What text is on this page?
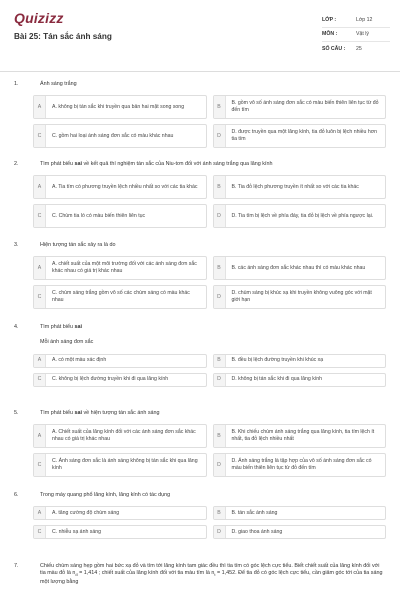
Quizizz
Bài 25: Tán sắc ánh sáng
LỚP :	Lớp 12
MÔN :	Vật lý
SỐ CÂU :	25
1.	Ánh sáng trắng
A	A. không bị tán sắc khi truyền qua bản hai mặt song song	B
B. gồm vô số ánh sáng đơn sắc có màu biến thiên liên tục từ đỏ đến tím
C	C. gồm hai loại ánh sáng đơn sắc có màu khác nhau	D
D. được truyền qua một lăng kính, tia đỏ luôn bị lệch nhiều hơn tia tím
2.	Tìm phát biểu sai về kết quả thí nghiệm tán sắc của Niu-tơn đối với ánh sáng trắng qua lăng kính
A	A. Tia tím có phương truyền lệch nhiều nhất so với các tia khác	B	B. Tia đỏ lệch phương truyền ít nhất so với các tia khác
C	C. Chùm tia ló có màu biến thiên liên tục	D	D. Tia tím bị lệch về phía đáy, tia đỏ bị lệch về phía ngược lại.
3.	Hiện tượng tán sắc xảy ra là do
A
A. chiết suất của một môi trường đối với các ánh sáng đơn sắc khác nhau có giá trị khác nhau	B	B. các ánh sáng đơn sắc khác nhau thì có màu khác nhau
C
C. chùm sáng trắng gồm vô số các chùm sáng có màu khác nhau	D
D. chùm sáng bị khúc xạ khi truyền không vuông góc với mặt giới hạn
4.	Tìm phát biểu sai
Mỗi ánh sáng đơn sắc
A	A. có một màu xác định	B	B. đều bị lệch đường truyền khi khúc xạ
C	C. không bị lệch đường truyền khi đi qua lăng kính	D	D. không bị tán sắc khi đi qua lăng kính
5.	Tìm phát biểu sai về hiện tượng tán sắc ánh sáng
A
A. Chiết suất của lăng kính đối với các ánh sáng đơn sắc khác nhau có giá trị khác nhau	B
B. Khi chiếu chùm ánh sáng trắng qua lăng kính, tia tím lệch ít nhất, tia đỏ lệch nhiều nhất
C
C. Ánh sáng đơn sắc là ánh sáng không bị tán sắc khi qua lăng kính	D
D. Ánh sáng trắng là tập hợp của vô số ánh sáng đơn sắc có màu biến thiên liên tục từ đỏ đến tím
6.	Trong máy quang phổ lăng kính, lăng kính có tác dụng
A	A. tăng cường độ chùm sáng	B	B. tán sắc ánh sáng
C	C. nhiễu xạ ánh sáng	D	D. giao thoa ánh sáng
7.	Chiếu chùm sáng hẹp gồm hai bức xạ đỏ và tím tới lăng kính tam giác đều thì tia tím có góc lệch cực tiểu. Biết chiết suất của lăng kính đối với tia màu đỏ là $n_đ = 1,414$ ; chiết suất của lăng kính đối với tia màu tím là $n_t = 1,452$. Để tia đỏ có góc lệch cực tiểu, cần giảm góc tới của tia sáng một lượng bằng
